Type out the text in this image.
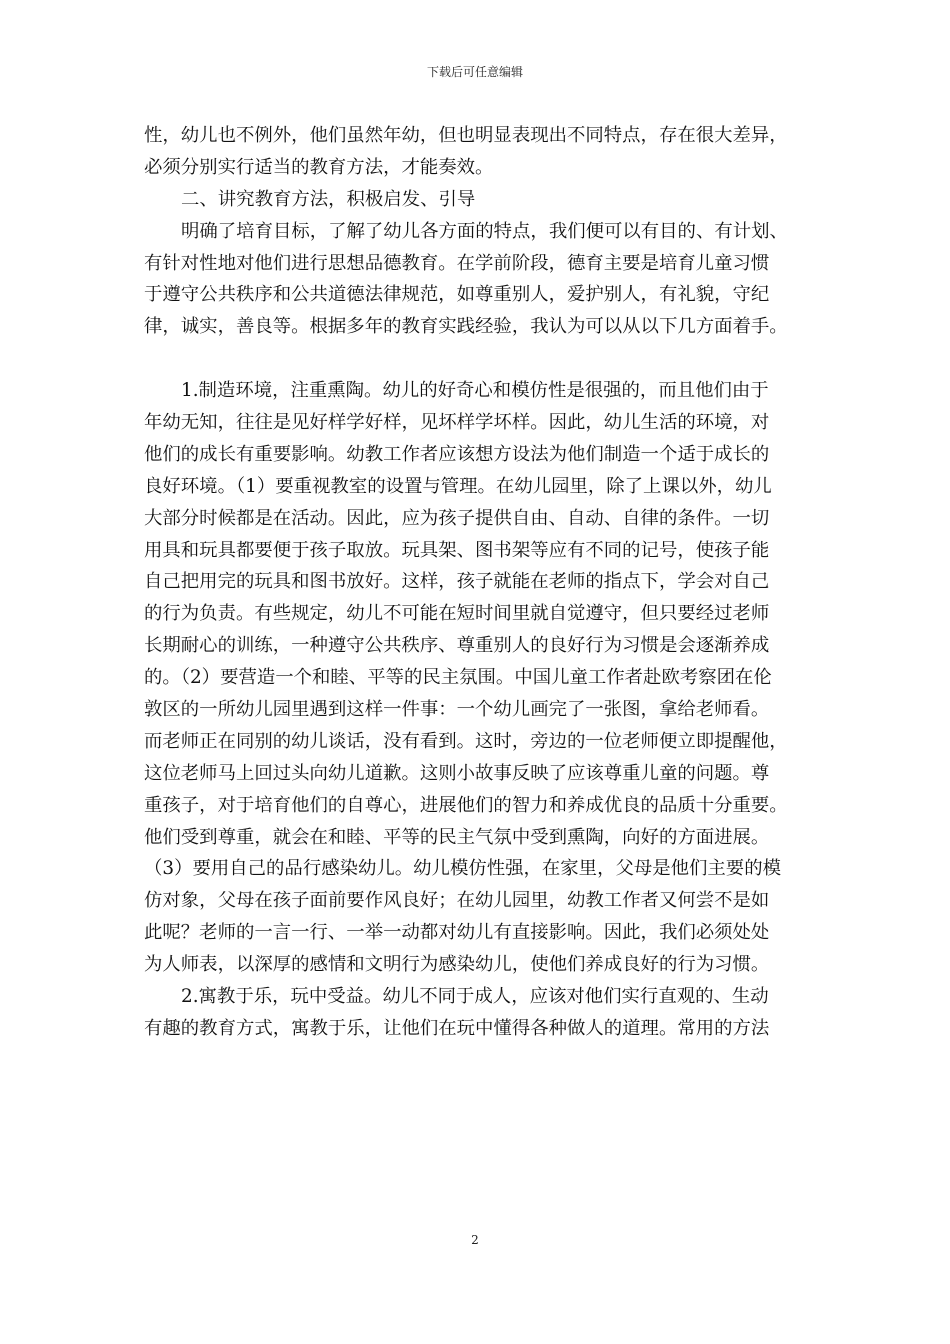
下载后可任意编辑
性，幼儿也不例外，他们虽然年幼，但也明显表现出不同特点，存在很大差异，
必须分别实行适当的教育方法，才能奏效。
二、讲究教育方法，积极启发、引导
明确了培育目标，了解了幼儿各方面的特点，我们便可以有目的、有计划、
有针对性地对他们进行思想品德教育。在学前阶段，德育主要是培育儿童习惯
于遵守公共秩序和公共道德法律规范，如尊重别人，爱护别人，有礼貌，守纪
律，诚实，善良等。根据多年的教育实践经验，我认为可以从以下几方面着手。
1.制造环境，注重熏陶。幼儿的好奇心和模仿性是很强的，而且他们由于
年幼无知，往往是见好样学好样，见坏样学坏样。因此，幼儿生活的环境，对
他们的成长有重要影响。幼教工作者应该想方设法为他们制造一个适于成长的
良好环境。（1）要重视教室的设置与管理。在幼儿园里，除了上课以外，幼儿
大部分时候都是在活动。因此，应为孩子提供自由、自动、自律的条件。一切
用具和玩具都要便于孩子取放。玩具架、图书架等应有不同的记号，使孩子能
自己把用完的玩具和图书放好。这样，孩子就能在老师的指点下，学会对自己
的行为负责。有些规定，幼儿不可能在短时间里就自觉遵守，但只要经过老师
长期耐心的训练，一种遵守公共秩序、尊重别人的良好行为习惯是会逐渐养成
的。（2）要营造一个和睦、平等的民主氛围。中国儿童工作者赴欧考察团在伦
敦区的一所幼儿园里遇到这样一件事：一个幼儿画完了一张图，拿给老师看。
而老师正在同别的幼儿谈话，没有看到。这时，旁边的一位老师便立即提醒他，
这位老师马上回过头向幼儿道歉。这则小故事反映了应该尊重儿童的问题。尊
重孩子，对于培育他们的自尊心，进展他们的智力和养成优良的品质十分重要。
他们受到尊重，就会在和睦、平等的民主气氛中受到熏陶，向好的方面进展。
（3）要用自己的品行感染幼儿。幼儿模仿性强，在家里，父母是他们主要的模
仿对象，父母在孩子面前要作风良好；在幼儿园里，幼教工作者又何尝不是如
此呢？老师的一言一行、一举一动都对幼儿有直接影响。因此，我们必须处处
为人师表，以深厚的感情和文明行为感染幼儿，使他们养成良好的行为习惯。
2.寓教于乐，玩中受益。幼儿不同于成人，应该对他们实行直观的、生动
有趣的教育方式，寓教于乐，让他们在玩中懂得各种做人的道理。常用的方法
2
